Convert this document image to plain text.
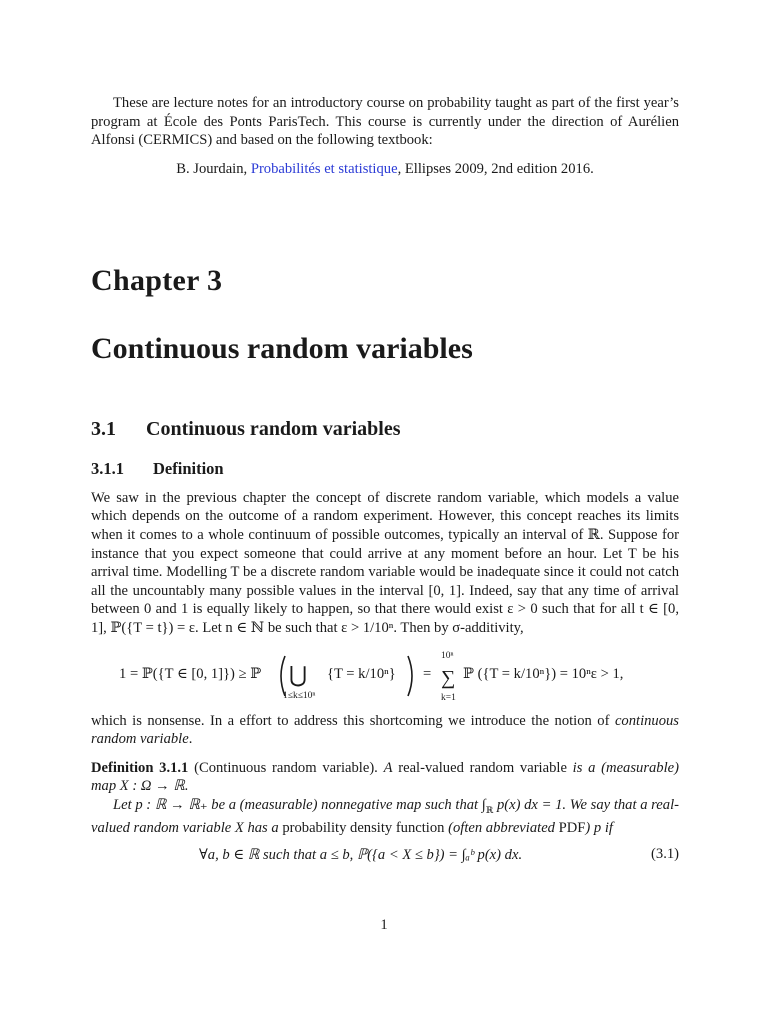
These are lecture notes for an introductory course on probability taught as part of the first year’s program at École des Ponts ParisTech. This course is currently under the direction of Aurélien Alfonsi (CERMICS) and based on the following textbook:

B. Jourdain, Probabilités et statistique, Ellipses 2009, 2nd edition 2016.

Chapter 3
Continuous random variables
3.1 Continuous random variables
3.1.1 Definition

We saw in the previous chapter the concept of discrete random variable, which models a value which depends on the outcome of a random experiment. However, this concept reaches its limits when it comes to a whole continuum of possible outcomes, typically an interval of ℝ. Suppose for instance that you expect someone that could arrive at any moment before an hour. Let T be his arrival time. Modelling T be a discrete random variable would be inadequate since it could not catch all the uncountably many possible values in the interval [0, 1]. Indeed, say that any time of arrival between 0 and 1 is equally likely to happen, so that there would exist ε > 0 such that for all t ∈ [0, 1], ℙ({T = t}) = ε. Let n ∈ ℕ be such that ε > 1/10ⁿ. Then by σ-additivity,

1 = ℙ({T ∈ [0, 1]}) ≥ ℙ ⋃
1≤k≤10ⁿ
{T = k/10ⁿ} =
10ⁿ
∑
k=1
ℙ ({T = k/10ⁿ}) = 10ⁿε > 1,

which is nonsense. In a effort to address this shortcoming we introduce the notion of continuous random variable.

Definition 3.1.1 (Continuous random variable). A real-valued random variable is a (measurable) map X : Ω → ℝ.

Let p : ℝ → ℝ₊ be a (measurable) nonnegative map such that $\int_ℝ$ p(x) dx = 1. We say that a real-valued random variable X has a probability density function (often abbreviated PDF) p if

∀a, b ∈ ℝ such that a ≤ b, ℙ({a < X ≤ b}) = ∫ₐᵇ p(x) dx.	(3.1)
1
